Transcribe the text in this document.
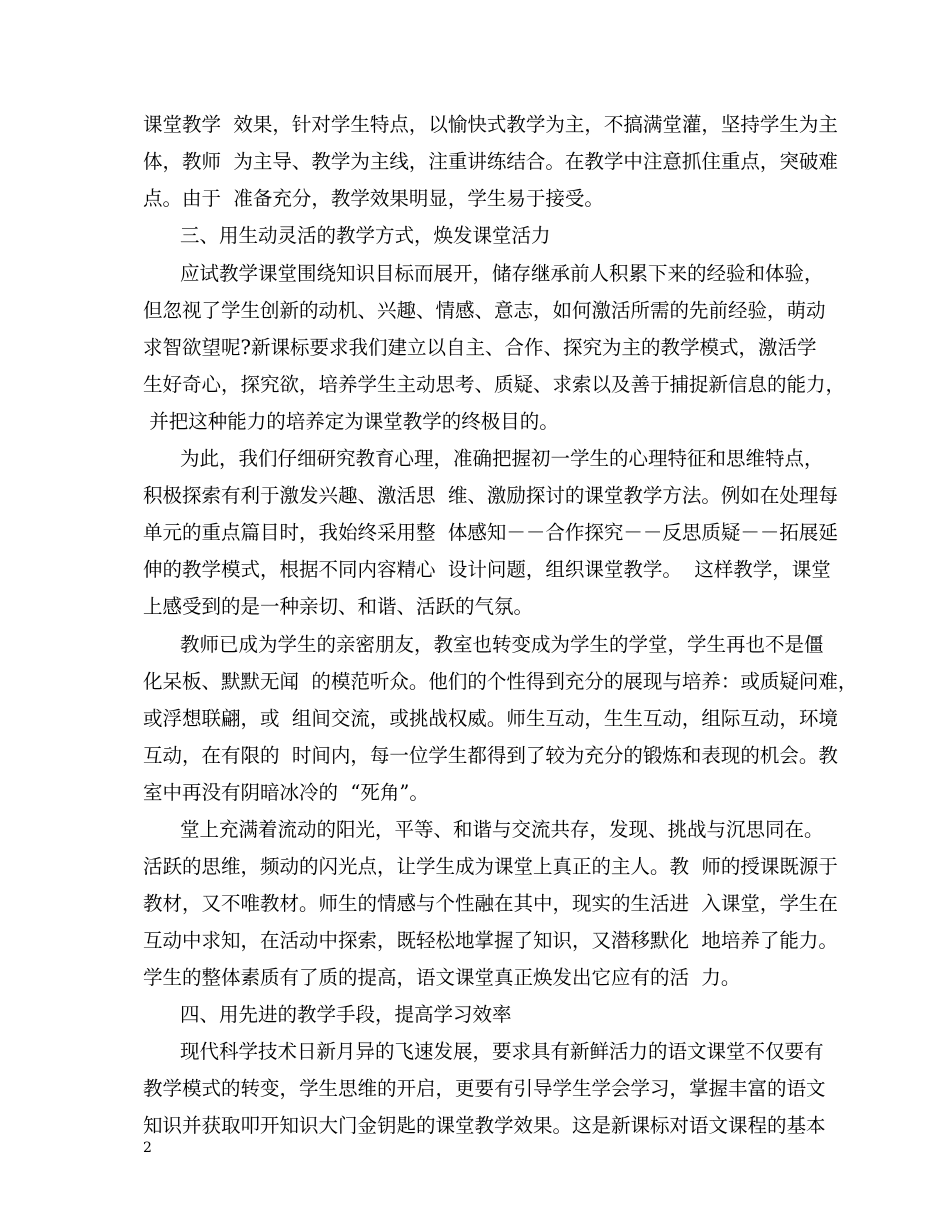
课堂教学  效果，针对学生特点，以愉快式教学为主，不搞满堂灌，坚持学生为主
体，教师  为主导、教学为主线，注重讲练结合。在教学中注意抓住重点，突破难
点。由于  准备充分，教学效果明显，学生易于接受。
三、用生动灵活的教学方式，焕发课堂活力
应试教学课堂围绕知识目标而展开，储存继承前人积累下来的经验和体验，
但忽视了学生创新的动机、兴趣、情感、意志，如何激活所需的先前经验，萌动
求智欲望呢?新课标要求我们建立以自主、合作、探究为主的教学模式，激活学
生好奇心，探究欲，培养学生主动思考、质疑、求索以及善于捕捉新信息的能力，
并把这种能力的培养定为课堂教学的终极目的。
为此，我们仔细研究教育心理，准确把握初一学生的心理特征和思维特点，
积极探索有利于激发兴趣、激活思  维、激励探讨的课堂教学方法。例如在处理每
单元的重点篇目时，我始终采用整  体感知－－合作探究－－反思质疑－－拓展延
伸的教学模式，根据不同内容精心  设计问题，组织课堂教学。  这样教学，课堂
上感受到的是一种亲切、和谐、活跃的气氛。
教师已成为学生的亲密朋友，教室也转变成为学生的学堂，学生再也不是僵
化呆板、默默无闻  的模范听众。他们的个性得到充分的展现与培养：或质疑问难，
或浮想联翩，或  组间交流，或挑战权威。师生互动，生生互动，组际互动，环境
互动，在有限的  时间内，每一位学生都得到了较为充分的锻炼和表现的机会。教
室中再没有阴暗冰冷的  “死角”。
堂上充满着流动的阳光，平等、和谐与交流共存，发现、挑战与沉思同在。
活跃的思维，频动的闪光点，让学生成为课堂上真正的主人。教  师的授课既源于
教材，又不唯教材。师生的情感与个性融在其中，现实的生活进  入课堂，学生在
互动中求知，在活动中探索，既轻松地掌握了知识，又潜移默化  地培养了能力。
学生的整体素质有了质的提高，语文课堂真正焕发出它应有的活  力。
四、用先进的教学手段，提高学习效率
现代科学技术日新月异的飞速发展，要求具有新鲜活力的语文课堂不仅要有
教学模式的转变，学生思维的开启，更要有引导学生学会学习，掌握丰富的语文
知识并获取叩开知识大门金钥匙的课堂教学效果。这是新课标对语文课程的基本
2
